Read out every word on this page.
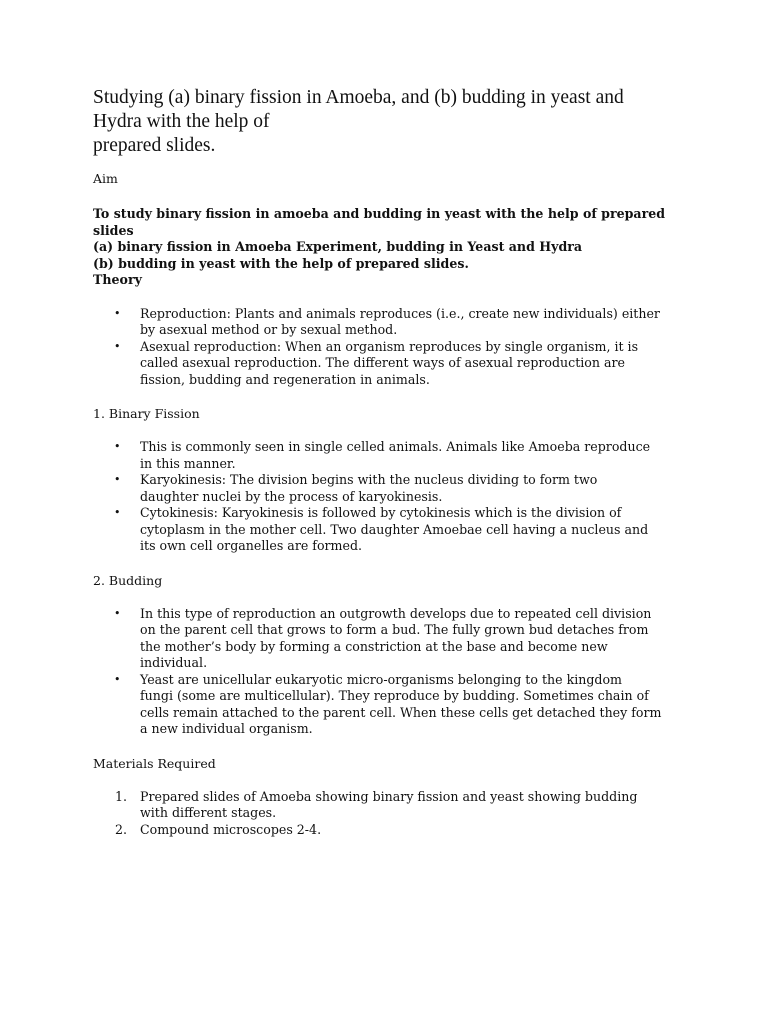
Studying (a) binary fission in Amoeba, and (b) budding in yeast and
Hydra with the help of
prepared slides.

Aim

To study binary fission in amoeba and budding in yeast with the help of prepared slides
(a) binary fission in Amoeba Experiment, budding in Yeast and Hydra
(b) budding in yeast with the help of prepared slides.

Theory

• Reproduction: Plants and animals reproduces (i.e., create new individuals) either
by asexual method or by sexual method.
• Asexual reproduction: When an organism reproduces by single organism, it is
called asexual reproduction. The different ways of asexual reproduction are
fission, budding and regeneration in animals.

1. Binary Fission

• This is commonly seen in single celled animals. Animals like Amoeba reproduce
in this manner.
• Karyokinesis: The division begins with the nucleus dividing to form two
daughter nuclei by the process of karyokinesis.
• Cytokinesis: Karyokinesis is followed by cytokinesis which is the division of
cytoplasm in the mother cell. Two daughter Amoebae cell having a nucleus and
its own cell organelles are formed.

2. Budding

• In this type of reproduction an outgrowth develops due to repeated cell division
on the parent cell that grows to form a bud. The fully grown bud detaches from
the mother’s body by forming a constriction at the base and become new
individual.
• Yeast are unicellular eukaryotic micro-organisms belonging to the kingdom
fungi (some are multicellular). They reproduce by budding. Sometimes chain of
cells remain attached to the parent cell. When these cells get detached they form
a new individual organism.

Materials Required

1. Prepared slides of Amoeba showing binary fission and yeast showing budding
with different stages.
2. Compound microscopes 2-4.
